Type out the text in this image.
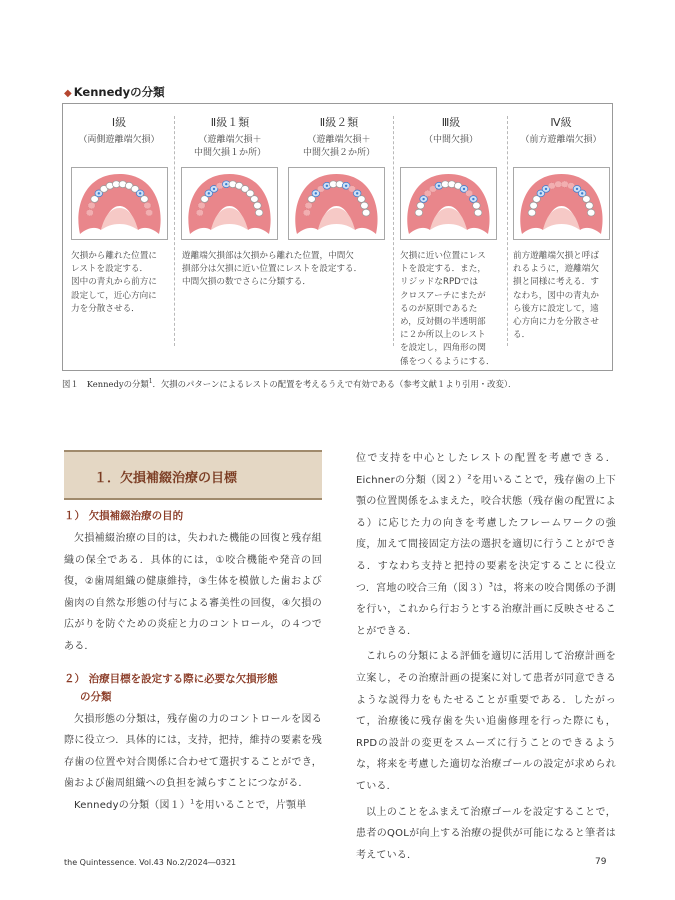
◆ Kennedyの分類
Ⅰ級
（両側遊離端欠損）
Ⅱ級１類
（遊離端欠損＋
中間欠損１か所）
Ⅱ級２類
（遊離端欠損＋
中間欠損２か所）
Ⅲ級
（中間欠損）
Ⅳ級
（前方遊離端欠損）
欠損から離れた位置に
レストを設定する．
図中の青丸から前方に
設定して，近心方向に
力を分散させる．
遊離端欠損部は欠損から離れた位置，中間欠
損部分は欠損に近い位置にレストを設定する．
中間欠損の数でさらに分類する．
欠損に近い位置にレス
トを設定する．また，
リジッドなRPDでは
クロスアーチにまたが
るのが原則であるた
め，反対側の半透明部
に２か所以上のレスト
を設定し，四角形の関
係をつくるようにする．
前方遊離端欠損と呼ば
れるように，遊離端欠
損と同様に考える．す
なわち，図中の青丸か
ら後方に設定して，遠
心方向に力を分散させ
る．
図１ Kennedyの分類$^1$．欠損のパターンによるレストの配置を考えるうえで有効である（参考文献１より引用・改変）．
１．欠損補綴治療の目標
１） 欠損補綴治療の目的
欠損補綴治療の目的は，失われた機能の回復と残存組織の保全である．具体的には，①咬合機能や発音の回復，②歯周組織の健康維持，③生体を模倣した歯および歯肉の自然な形態の付与による審美性の回復，④欠損の広がりを防ぐための炎症と力のコントロール，の４つである．
２） 治療目標を設定する際に必要な欠損形態
の分類
欠損形態の分類は，残存歯の力のコントロールを図る際に役立つ．具体的には，支持，把持，維持の要素を残存歯の位置や対合関係に合わせて選択することができ，歯および歯周組織への負担を減らすことにつながる．
Kennedyの分類（図１）$^1$を用いることで，片顎単
位で支持を中心としたレストの配置を考慮できる．Eichnerの分類（図２）$^2$を用いることで，残存歯の上下顎の位置関係をふまえた，咬合状態（残存歯の配置による）に応じた力の向きを考慮したフレームワークの強度，加えて間接固定方法の選択を適切に行うことができる．すなわち支持と把持の要素を決定することに役立つ．宮地の咬合三角（図３）$^3$は，将来の咬合関係の予測を行い，これから行おうとする治療計画に反映させることができる．
これらの分類による評価を適切に活用して治療計画を立案し，その治療計画の提案に対して患者が同意できるような説得力をもたせることが重要である．したがって，治療後に残存歯を失い追歯修理を行った際にも，RPDの設計の変更をスムーズに行うことのできるような，将来を考慮した適切な治療ゴールの設定が求められている．
以上のことをふまえて治療ゴールを設定することで，患者のQOLが向上する治療の提供が可能になると筆者は考えている．
the Quintessence. Vol.43 No.2/2024―0321	79
